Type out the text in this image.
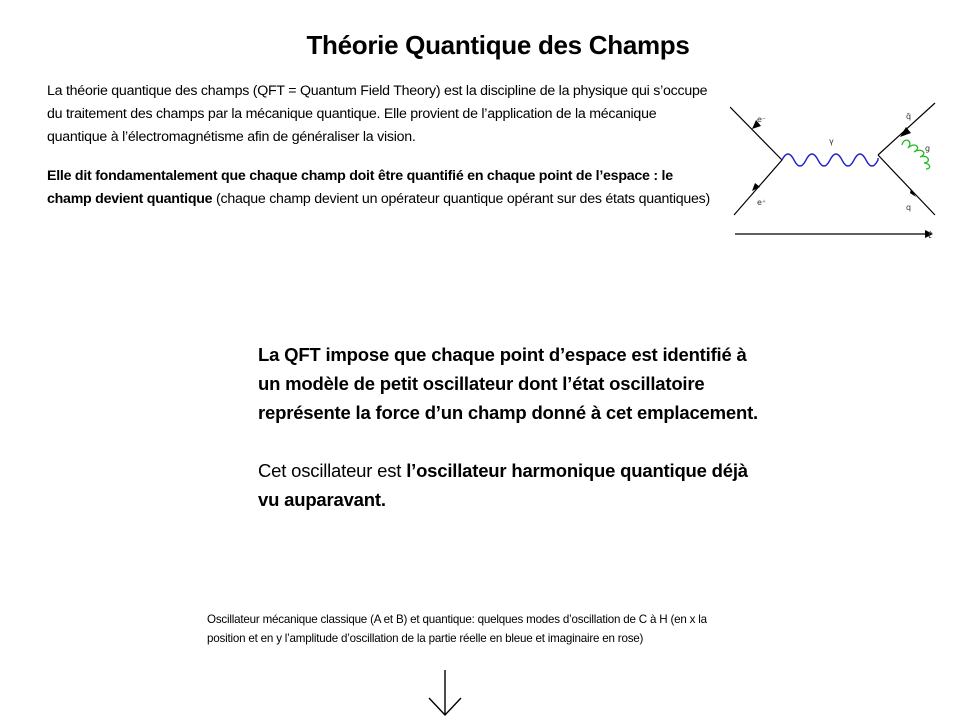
Théorie Quantique des Champs

La théorie quantique des champs (QFT = Quantum Field Theory) est la discipline de la physique qui s’occupe du traitement des champs par la mécanique quantique. Elle provient de l’application de la mécanique quantique à l’électromagnétisme afin de généraliser la vision.

Elle dit fondamentalement que chaque champ doit être quantifié en chaque point de l’espace : le champ devient quantique (chaque champ devient un opérateur quantique opérant sur des états quantiques)

e⁻
e⁺
γ
q̄
g
q
t

La QFT impose que chaque point d’espace est identifié à un modèle de petit oscillateur dont l’état oscillatoire représente la force d’un champ donné à cet emplacement.

Cet oscillateur est l’oscillateur harmonique quantique déjà vu auparavant.

Oscillateur mécanique classique (A et B) et quantique: quelques modes d’oscillation de C à H (en x la position et en y l’amplitude d’oscillation de la partie réelle en bleue et imaginaire en rose)
